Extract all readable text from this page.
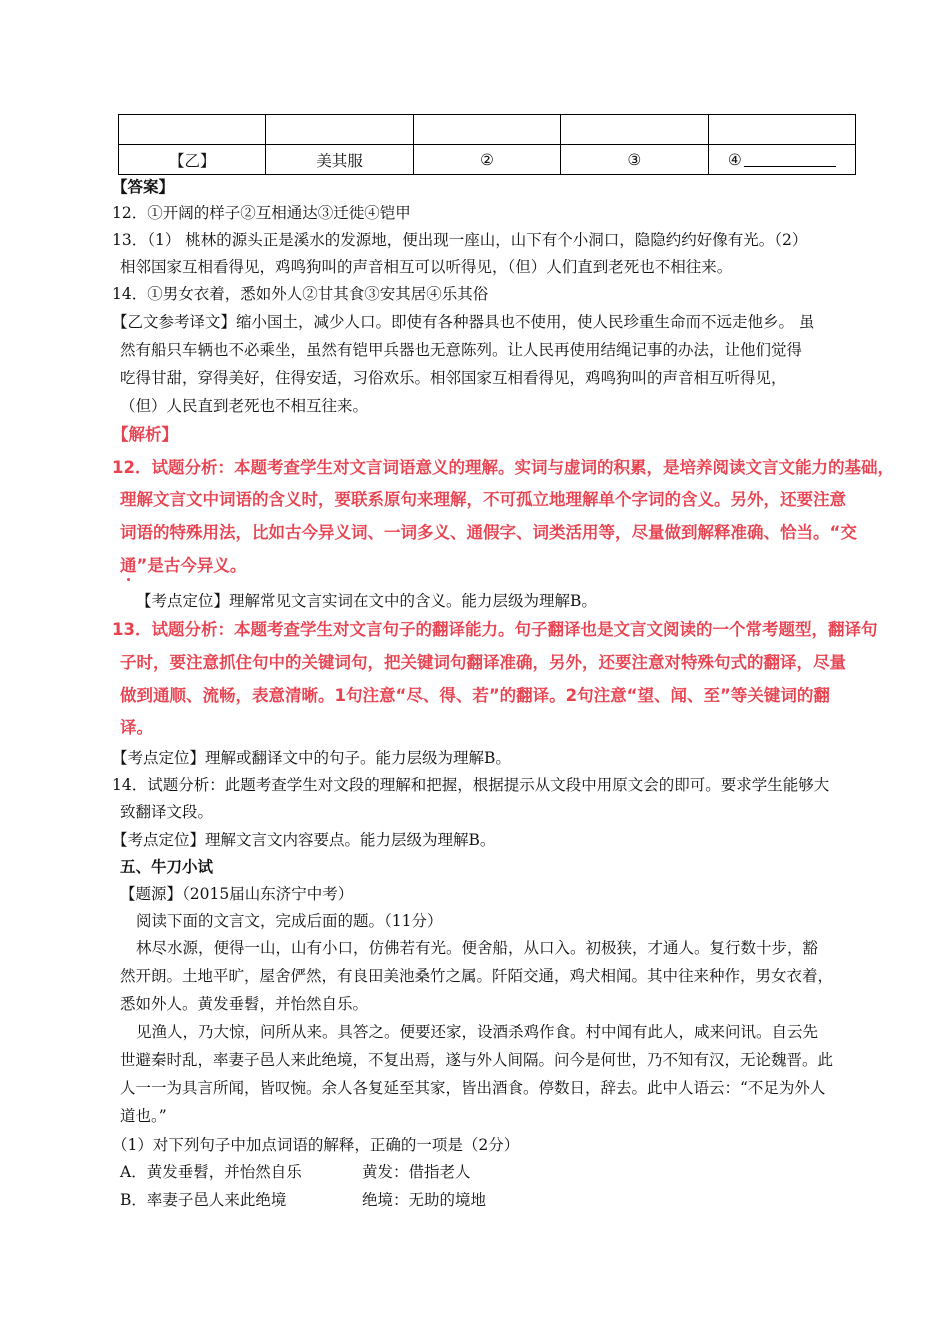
【乙】	美其服	②	③	④
【答案】
12．①开阔的样子②互相通达③迁徙④铠甲
13．（1） 桃林的源头正是溪水的发源地，便出现一座山，山下有个小洞口，隐隐约约好像有光。（2）
相邻国家互相看得见，鸡鸣狗叫的声音相互可以听得见，（但）人们直到老死也不相往来。
14．①男女衣着，悉如外人②甘其食③安其居④乐其俗
【乙文参考译文】缩小国土，减少人口。即使有各种器具也不使用，使人民珍重生命而不远走他乡。 虽
然有船只车辆也不必乘坐，虽然有铠甲兵器也无意陈列。让人民再使用结绳记事的办法，让他们觉得
吃得甘甜，穿得美好，住得安适，习俗欢乐。相邻国家互相看得见，鸡鸣狗叫的声音相互听得见，
（但）人民直到老死也不相互往来。
【解析】
12．试题分析：本题考查学生对文言词语意义的理解。实词与虚词的积累，是培养阅读文言文能力的基础，
理解文言文中词语的含义时，要联系原句来理解，不可孤立地理解单个字词的含义。另外，还要注意
词语的特殊用法，比如古今异义词、一词多义、通假字、词类活用等，尽量做到解释准确、恰当。“交
通”是古今异义。
【考点定位】理解常见文言实词在文中的含义。能力层级为理解B。
13．试题分析：本题考查学生对文言句子的翻译能力。句子翻译也是文言文阅读的一个常考题型，翻译句
子时，要注意抓住句中的关键词句，把关键词句翻译准确，另外，还要注意对特殊句式的翻译，尽量
做到通顺、流畅，表意清晰。1句注意“尽、得、若”的翻译。2句注意“望、闻、至”等关键词的翻
译。
【考点定位】理解或翻译文中的句子。能力层级为理解B。
14．试题分析：此题考查学生对文段的理解和把握，根据提示从文段中用原文会的即可。要求学生能够大
致翻译文段。
【考点定位】理解文言文内容要点。能力层级为理解B。
五、牛刀小试
【题源】（2015届山东济宁中考）
阅读下面的文言文，完成后面的题。（11分）
林尽水源，便得一山，山有小口，仿佛若有光。便舍船，从口入。初极狭，才通人。复行数十步，豁
然开朗。土地平旷，屋舍俨然，有良田美池桑竹之属。阡陌交通，鸡犬相闻。其中往来种作，男女衣着，
悉如外人。黄发垂髫，并怡然自乐。
见渔人，乃大惊，问所从来。具答之。便要还家，设酒杀鸡作食。村中闻有此人，咸来问讯。自云先
世避秦时乱，率妻子邑人来此绝境，不复出焉，遂与外人间隔。问今是何世，乃不知有汉，无论魏晋。此
人一一为具言所闻，皆叹惋。余人各复延至其家，皆出酒食。停数日，辞去。此中人语云：“不足为外人
道也。”
（1）对下列句子中加点词语的解释，正确的一项是（2分）
A．黄发垂髫，并怡然自乐	黄发：借指老人
B．率妻子邑人来此绝境	绝境：无助的境地
